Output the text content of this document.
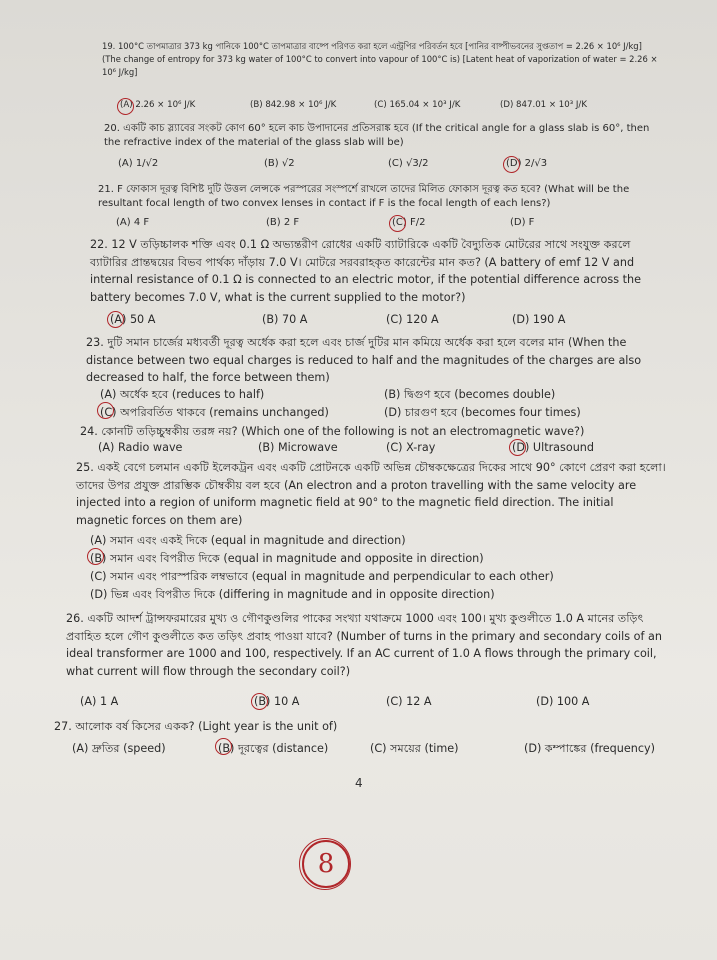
19. 100°C তাপমাত্রার 373 kg পানিকে 100°C তাপমাত্রার বাষ্পে পরিণত করা হলে এন্ট্রপির পরিবর্তন হবে [পানির বাষ্পীভবনের সুপ্ততাপ = 2.26 × 10⁶ J/kg] (The change of entropy for 373 kg water of 100°C to convert into vapour of 100°C is) [Latent heat of vaporization of water = 2.26 × 10⁶ J/kg]
(A) 2.26 × 10⁶ J/K	(B) 842.98 × 10⁶ J/K	(C) 165.04 × 10³ J/K	(D) 847.01 × 10³ J/K
20. একটি কাচ স্ল্যাবের সংকট কোণ 60° হলে কাচ উপাদানের প্রতিসরাঙ্ক হবে (If the critical angle for a glass slab is 60°, then the refractive index of the material of the glass slab will be)
(A) 1/√2	(B) √2	(C) √3/2	(D) 2/√3
21. F ফোকাস দূরত্ব বিশিষ্ট দুটি উত্তল লেন্সকে পরস্পরের সংস্পর্শে রাখলে তাদের মিলিত ফোকাস দূরত্ব কত হবে? (What will be the resultant focal length of two convex lenses in contact if F is the focal length of each lens?)
(A) 4 F	(B) 2 F	(C) F/2	(D) F
22. 12 V তড়িচ্চালক শক্তি এবং 0.1 Ω অভ্যন্তরীণ রোধের একটি ব্যাটারিকে একটি বৈদ্যুতিক মোটরের সাথে সংযুক্ত করলে ব্যাটারির প্রান্তদ্বয়ের বিভব পার্থক্য দাঁড়ায় 7.0 V। মোটরে সরবরাহকৃত কারেন্টের মান কত? (A battery of emf 12 V and internal resistance of 0.1 Ω is connected to an electric motor, if the potential difference across the battery becomes 7.0 V, what is the current supplied to the motor?)
(A) 50 A	(B) 70 A	(C) 120 A	(D) 190 A
23. দুটি সমান চার্জের মধ্যবর্তী দূরত্ব অর্ধেক করা হলে এবং চার্জ দুটির মান কমিয়ে অর্ধেক করা হলে বলের মান (When the distance between two equal charges is reduced to half and the magnitudes of the charges are also decreased to half, the force between them)
(A) অর্ধেক হবে (reduces to half)	(B) দ্বিগুণ হবে (becomes double)
(C) অপরিবর্তিত থাকবে (remains unchanged)	(D) চারগুণ হবে (becomes four times)
24. কোনটি তড়িচ্চুম্বকীয় তরঙ্গ নয়? (Which one of the following is not an electromagnetic wave?)
(A) Radio wave	(B) Microwave	(C) X-ray	(D) Ultrasound
25. একই বেগে চলমান একটি ইলেকট্রন এবং একটি প্রোটনকে একটি অভিন্ন চৌম্বকক্ষেত্রের দিকের সাথে 90° কোণে প্রেরণ করা হলো। তাদের উপর প্রযুক্ত প্রারম্ভিক চৌম্বকীয় বল হবে (An electron and a proton travelling with the same velocity are injected into a region of uniform magnetic field at 90° to the magnetic field direction. The initial magnetic forces on them are)
(A) সমান এবং একই দিকে (equal in magnitude and direction)
(B) সমান এবং বিপরীত দিকে (equal in magnitude and opposite in direction)
(C) সমান এবং পারস্পরিক লম্বভাবে (equal in magnitude and perpendicular to each other)
(D) ভিন্ন এবং বিপরীত দিকে (differing in magnitude and in opposite direction)
26. একটি আদর্শ ট্রান্সফরমারের মুখ্য ও গৌণকুণ্ডলির পাকের সংখ্যা যথাক্রমে 1000 এবং 100। মুখ্য কুণ্ডলীতে 1.0 A মানের তড়িৎ প্রবাহিত হলে গৌণ কুণ্ডলীতে কত তড়িৎ প্রবাহ পাওয়া যাবে? (Number of turns in the primary and secondary coils of an ideal transformer are 1000 and 100, respectively. If an AC current of 1.0 A flows through the primary coil, what current will flow through the secondary coil?)
(A) 1 A	(B) 10 A	(C) 12 A	(D) 100 A
27. আলোক বর্ষ কিসের একক? (Light year is the unit of)
(A) দ্রুতির (speed)	(B) দূরত্বের (distance)	(C) সময়ের (time)	(D) কম্পাঙ্কের (frequency)
4
8
